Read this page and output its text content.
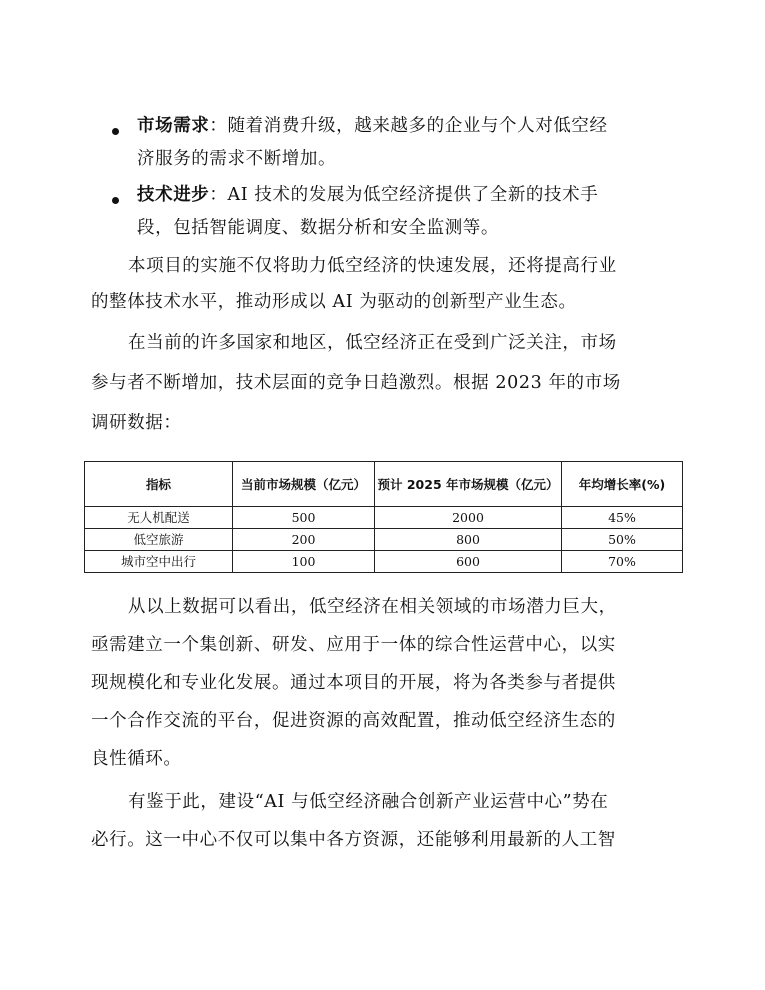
市场需求：随着消费升级，越来越多的企业与个人对低空经
济服务的需求不断增加。
技术进步：AI 技术的发展为低空经济提供了全新的技术手
段，包括智能调度、数据分析和安全监测等。
本项目的实施不仅将助力低空经济的快速发展，还将提高行业
的整体技术水平，推动形成以 AI 为驱动的创新型产业生态。
在当前的许多国家和地区，低空经济正在受到广泛关注，市场
参与者不断增加，技术层面的竞争日趋激烈。根据 2023 年的市场
调研数据：
指标	当前市场规模（亿元）	预计 2025 年市场规模（亿元）	年均增长率(%)
无人机配送	500	2000	45%
低空旅游	200	800	50%
城市空中出行	100	600	70%
从以上数据可以看出，低空经济在相关领域的市场潜力巨大，
亟需建立一个集创新、研发、应用于一体的综合性运营中心，以实
现规模化和专业化发展。通过本项目的开展，将为各类参与者提供
一个合作交流的平台，促进资源的高效配置，推动低空经济生态的
良性循环。
有鉴于此，建设“AI 与低空经济融合创新产业运营中心”势在
必行。这一中心不仅可以集中各方资源，还能够利用最新的人工智
